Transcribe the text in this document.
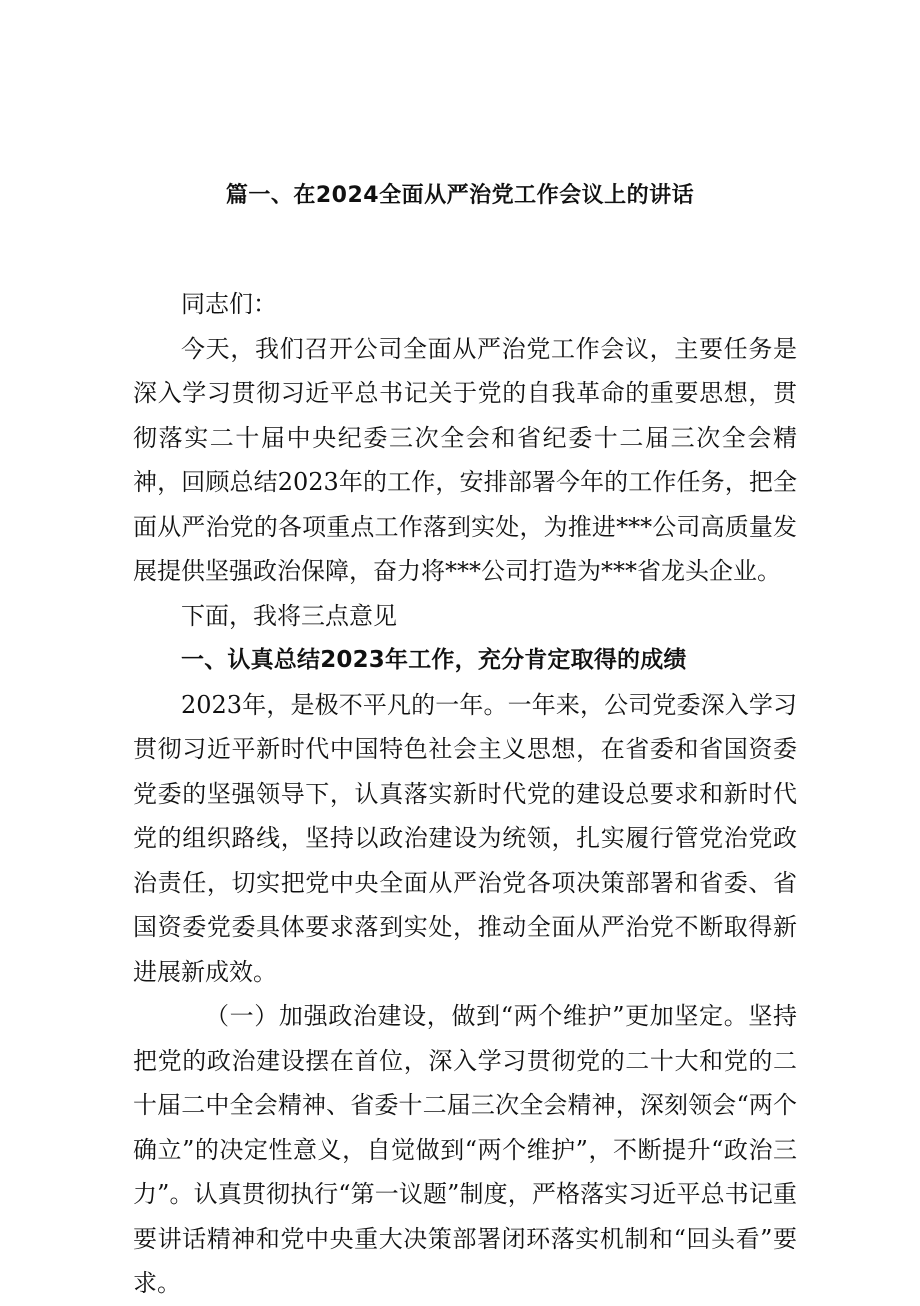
篇一、在2024全面从严治党工作会议上的讲话

同志们：

今天，我们召开公司全面从严治党工作会议，主要任务是深入学习贯彻习近平总书记关于党的自我革命的重要思想，贯彻落实二十届中央纪委三次全会和省纪委十二届三次全会精神，回顾总结2023年的工作，安排部署今年的工作任务，把全面从严治党的各项重点工作落到实处，为推进***公司高质量发展提供坚强政治保障，奋力将***公司打造为***省龙头企业。

下面，我将三点意见

一、认真总结2023年工作，充分肯定取得的成绩

2023年，是极不平凡的一年。一年来，公司党委深入学习贯彻习近平新时代中国特色社会主义思想，在省委和省国资委党委的坚强领导下，认真落实新时代党的建设总要求和新时代党的组织路线，坚持以政治建设为统领，扎实履行管党治党政治责任，切实把党中央全面从严治党各项决策部署和省委、省国资委党委具体要求落到实处，推动全面从严治党不断取得新进展新成效。

（一）加强政治建设，做到“两个维护”更加坚定。坚持把党的政治建设摆在首位，深入学习贯彻党的二十大和党的二十届二中全会精神、省委十二届三次全会精神，深刻领会“两个确立”的决定性意义，自觉做到“两个维护”，不断提升“政治三力”。认真贯彻执行“第一议题”制度，严格落实习近平总书记重要讲话精神和党中央重大决策部署闭环落实机制和“回头看”要求。
